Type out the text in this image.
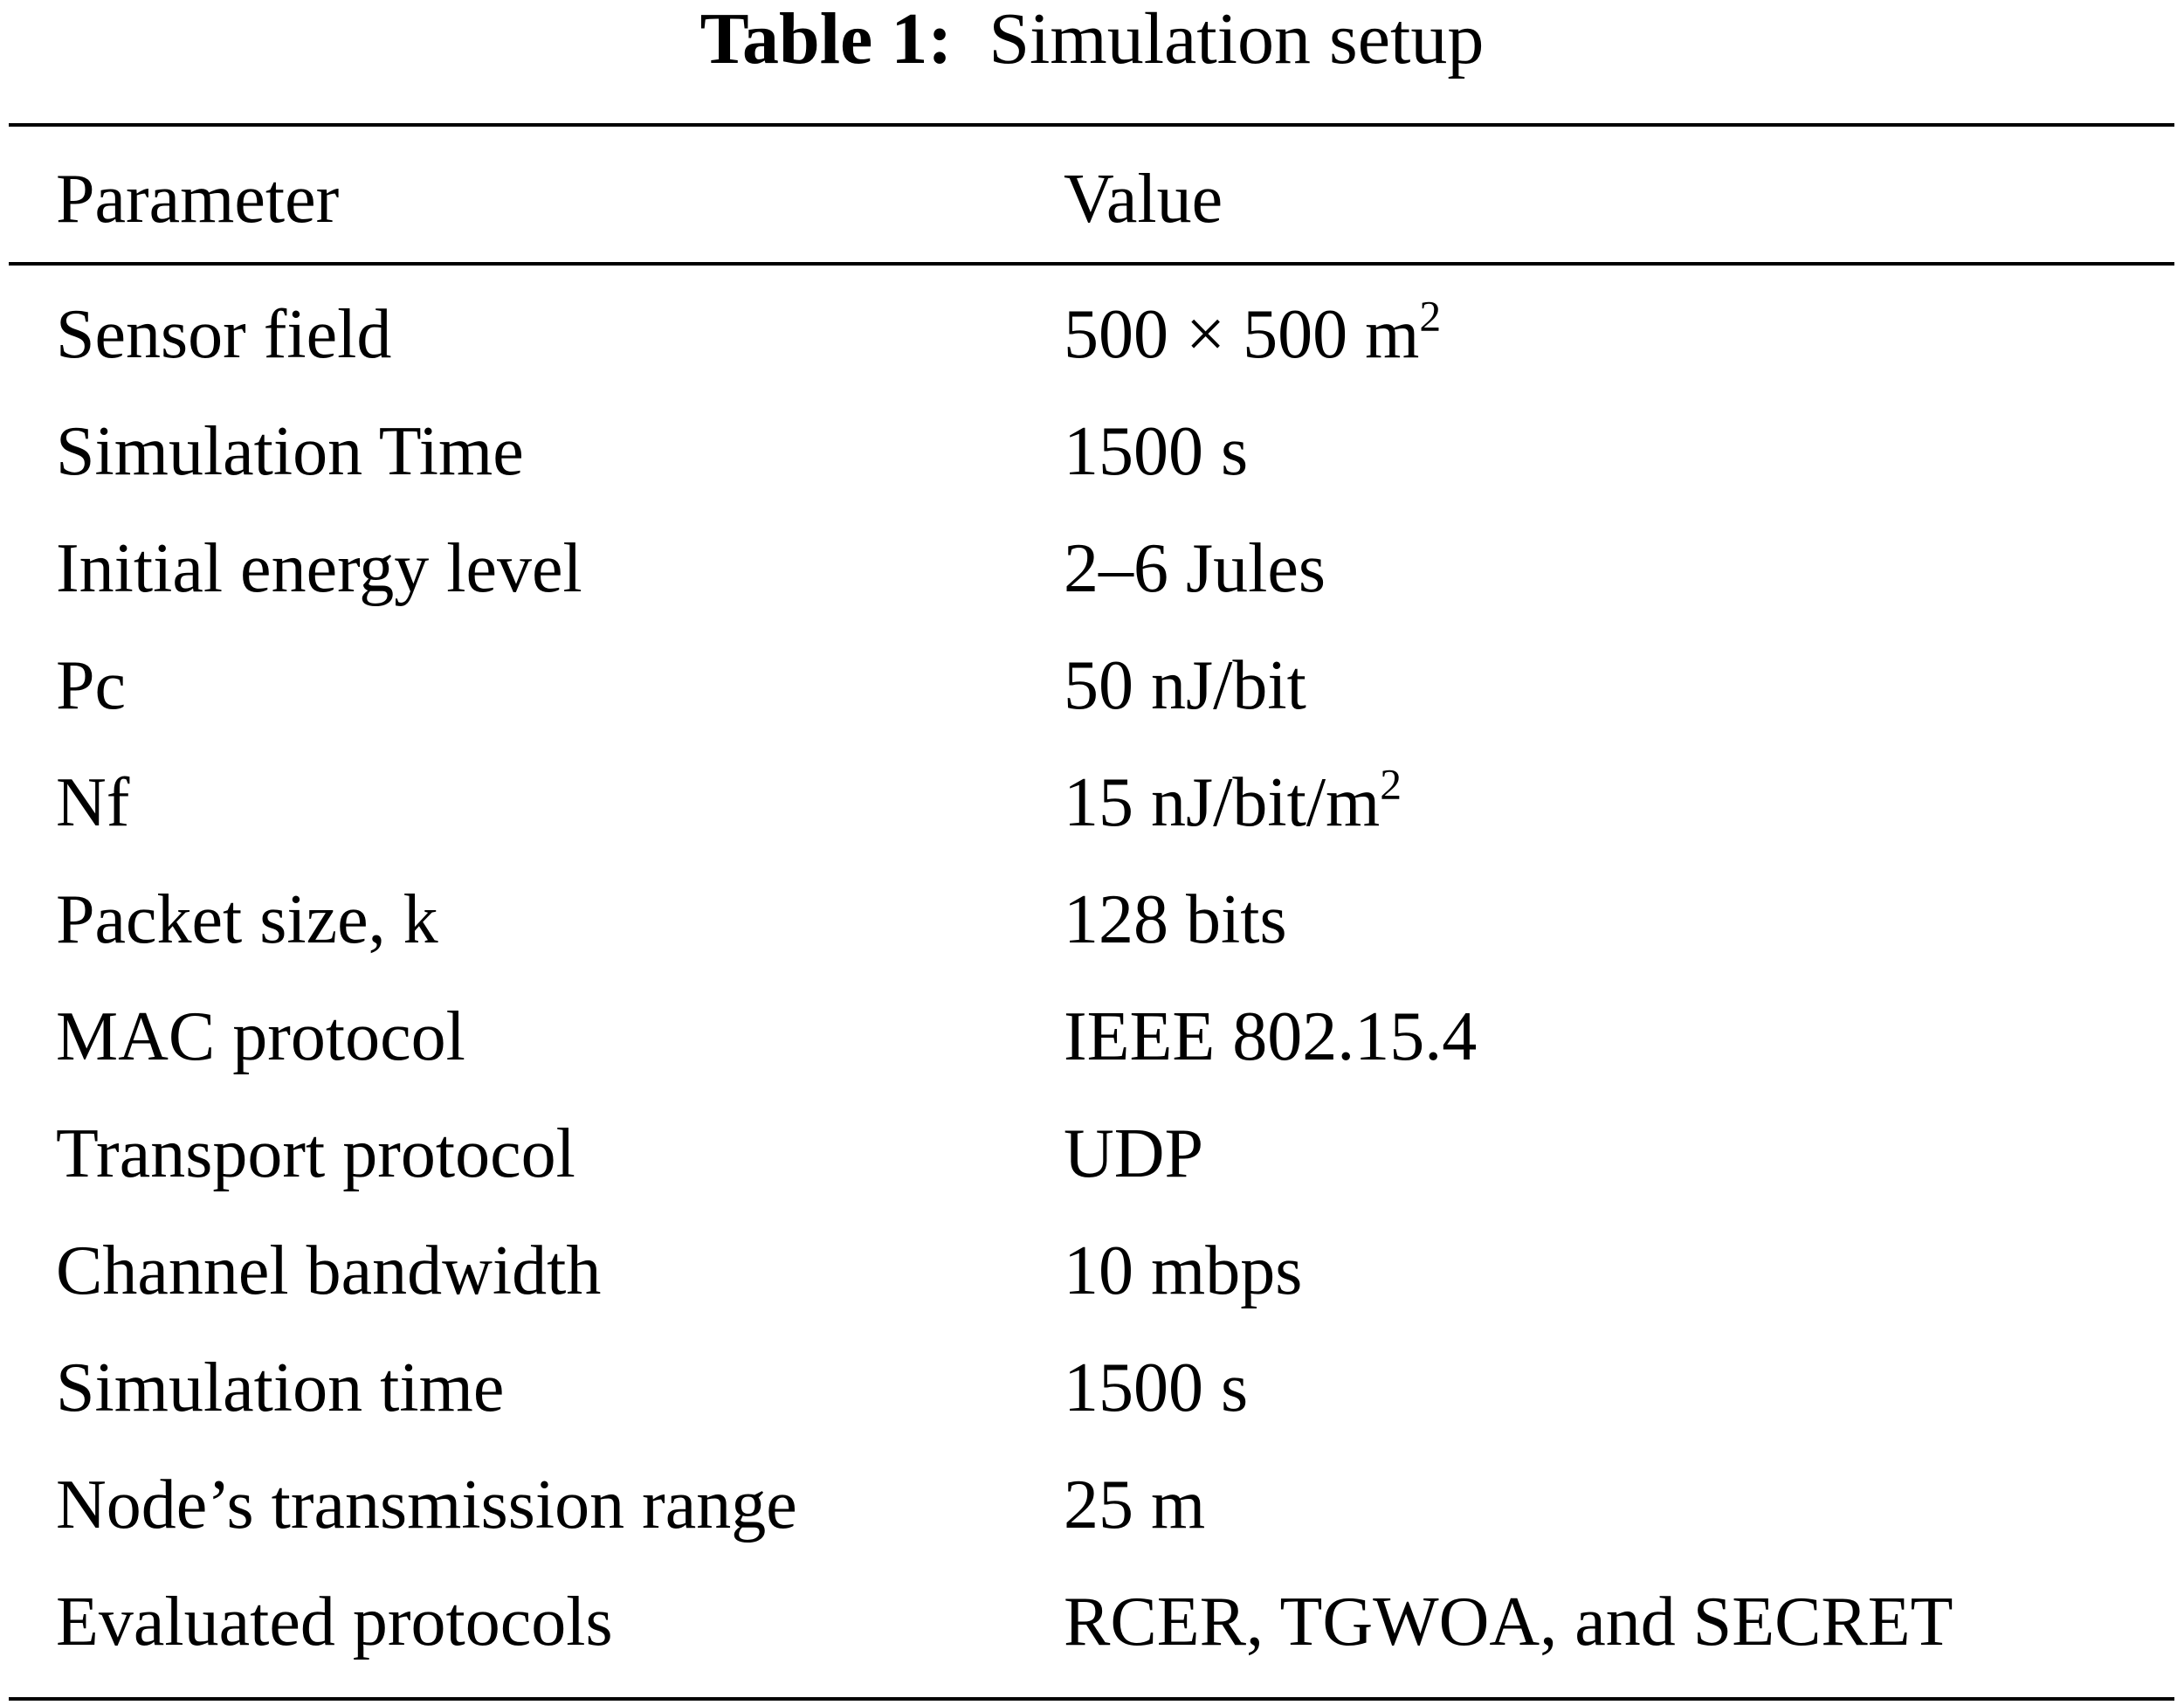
Table 1: Simulation setup
Parameter	Value
Sensor field	500 × 500 $m^2$
Simulation Time	1500 s
Initial energy level	2–6 Jules
Pc	50 nJ/bit
Nf	15 $nJ/bit/m^2$
Packet size, k	128 bits
MAC protocol	IEEE 802.15.4
Transport protocol	UDP
Channel bandwidth	10 mbps
Simulation time	1500 s
Node’s transmission range	25 m
Evaluated protocols	RCER, TGWOA, and SECRET
